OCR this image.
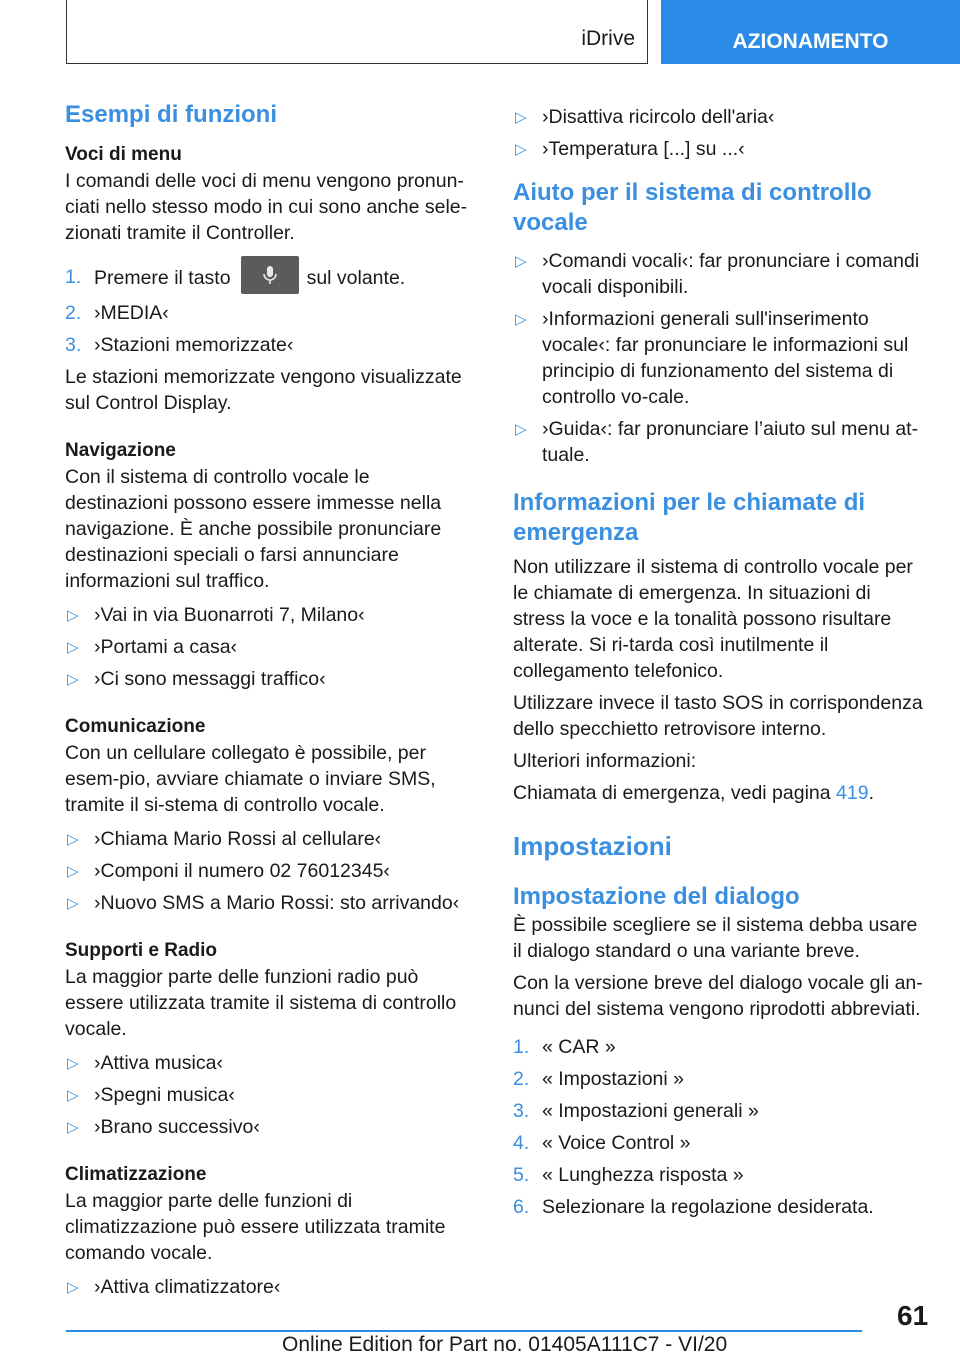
iDrive	AZIONAMENTO
Esempi di funzioni
Voci di menu

I comandi delle voci di menu vengono pronun-ciati nello stesso modo in cui sono anche sele-zionati tramite il Controller.

1. Premere il tasto	sul volante.
2. ›MEDIA‹
3. ›Stazioni memorizzate‹

Le stazioni memorizzate vengono visualizzate sul Control Display.

Navigazione

Con il sistema di controllo vocale le destinazioni possono essere immesse nella navigazione. È anche possibile pronunciare destinazioni speciali o farsi annunciare informazioni sul traffico.

▷ ›Vai in via Buonarroti 7, Milano‹
▷ ›Portami a casa‹
▷ ›Ci sono messaggi traffico‹
Comunicazione

Con un cellulare collegato è possibile, per esem-pio, avviare chiamate o inviare SMS, tramite il si-stema di controllo vocale.

▷ ›Chiama Mario Rossi al cellulare‹
▷ ›Componi il numero 02 76012345‹
▷ ›Nuovo SMS a Mario Rossi: sto arrivando‹
Supporti e Radio

La maggior parte delle funzioni radio può essere utilizzata tramite il sistema di controllo vocale.

▷ ›Attiva musica‹
▷ ›Spegni musica‹
▷ ›Brano successivo‹
Climatizzazione

La maggior parte delle funzioni di climatizzazione può essere utilizzata tramite comando vocale.

▷ ›Attiva climatizzatore‹
▷ ›Disattiva ricircolo dell'aria‹
▷ ›Temperatura [...] su ...‹
Aiuto per il sistema di controllo vocale
▷ ›Comandi vocali‹: far pronunciare i comandi vocali disponibili.
▷ ›Informazioni generali sull'inserimento vocale‹: far pronunciare le informazioni sul principio di funzionamento del sistema di controllo vo-cale.
▷ ›Guida‹: far pronunciare l’aiuto sul menu at-tuale.
Informazioni per le chiamate di emergenza

Non utilizzare il sistema di controllo vocale per le chiamate di emergenza. In situazioni di stress la voce e la tonalità possono risultare alterate. Si ri-tarda così inutilmente il collegamento telefonico.

Utilizzare invece il tasto SOS in corrispondenza dello specchietto retrovisore interno.

Ulteriori informazioni:

Chiamata di emergenza, vedi pagina 419.

Impostazioni
Impostazione del dialogo

È possibile scegliere se il sistema debba usare il dialogo standard o una variante breve.

Con la versione breve del dialogo vocale gli an-nunci del sistema vengono riprodotti abbreviati.

1. « CAR »
2. « Impostazioni »
3. « Impostazioni generali »
4. « Voice Control »
5. « Lunghezza risposta »
6. Selezionare la regolazione desiderata.
61
Online Edition for Part no. 01405A111C7 - VI/20
